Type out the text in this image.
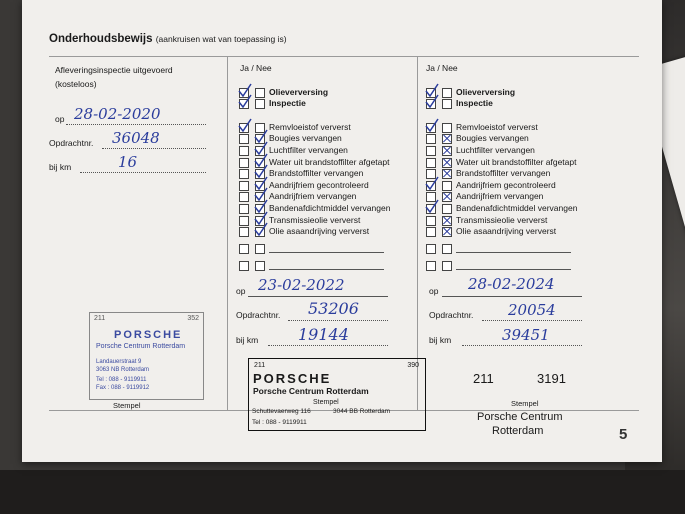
Onderhoudsbewijs (aankruisen wat van toepassing is)
Afleveringsinspectie uitgevoerd
(kosteloos)
op 28-02-2020
Opdrachtnr. 36048
bij km	16
211	352
PORSCHE
Porsche Centrum Rotterdam
Landauerstraat 9
3063 NB Rotterdam
Tel : 088 - 9119911
Fax : 088 - 9119912
Stempel
Ja / Nee
Olieverversing
Inspectie
Remvloeistof ververst
Bougies vervangen
Luchtfilter vervangen
Water uit brandstoffilter afgetapt
Brandstoffilter vervangen
Aandrijfriem gecontroleerd
Aandrijfriem vervangen
Bandenafdichtmiddel vervangen
Transmissieolie ververst
Olie asaandrijving ververst
op 23-02-2022
Opdrachtnr. 53206
bij km 19144
211	390
PORSCHE
Porsche Centrum Rotterdam
Stempel
Schuttevaerweg 116	3044 BB Rotterdam
Tel : 088 - 9119911
Ja / Nee
Olieverversing
Inspectie
Remvloeistof ververst
Bougies vervangen
Luchtfilter vervangen
Water uit brandstoffilter afgetapt
Brandstoffilter vervangen
Aandrijfriem gecontroleerd
Aandrijfriem vervangen
Bandenafdichtmiddel vervangen
Transmissieolie ververst
Olie asaandrijving ververst
op 28-02-2024
Opdrachtnr. 20054
bij km	39451
211	3191
Stempel
Porsche Centrum
Rotterdam	5
